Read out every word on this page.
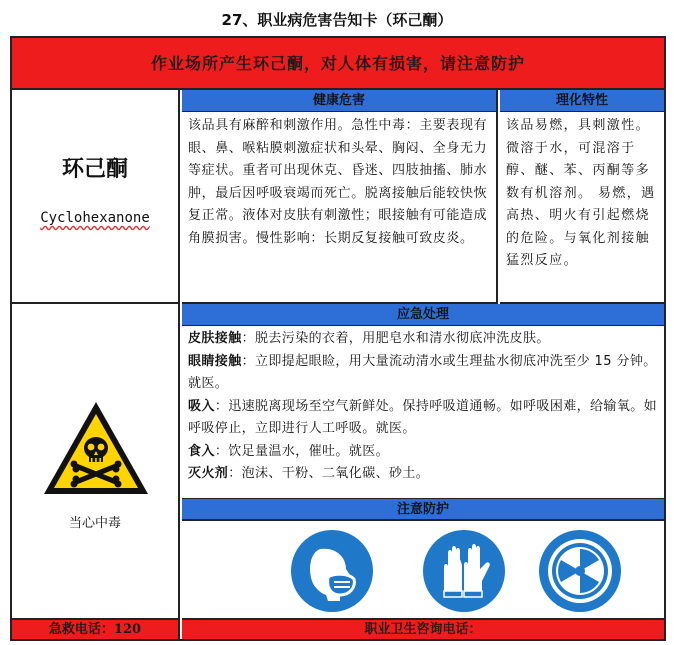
27、职业病危害告知卡（环己酮）
作业场所产生环己酮，对人体有损害，请注意防护
环己酮
Cyclohexanone
健康危害	理化特性
该品具有麻醉和刺激作用。急性中毒：主要表现有眼、鼻、喉粘膜刺激症状和头晕、胸闷、全身无力等症状。重者可出现休克、昏迷、四肢抽搐、肺水肿，最后因呼吸衰竭而死亡。脱离接触后能较快恢复正常。液体对皮肤有刺激性；眼接触有可能造成角膜损害。慢性影响：长期反复接触可致皮炎。
该品易燃，具刺激性。微溶于水，可混溶于醇、醚、苯、丙酮等多数有机溶剂。 易燃，遇高热、明火有引起燃烧的危险。与氧化剂接触猛烈反应。
当心中毒
应急处理
皮肤接触：脱去污染的衣着，用肥皂水和清水彻底冲洗皮肤。
眼睛接触：立即提起眼睑，用大量流动清水或生理盐水彻底冲洗至少 15 分钟。就医。
吸入：迅速脱离现场至空气新鲜处。保持呼吸道通畅。如呼吸困难，给输氧。如呼吸停止，立即进行人工呼吸。就医。
食入：饮足量温水，催吐。就医。
灭火剂：泡沫、干粉、二氧化碳、砂土。
注意防护
急救电话：120	职业卫生咨询电话：
